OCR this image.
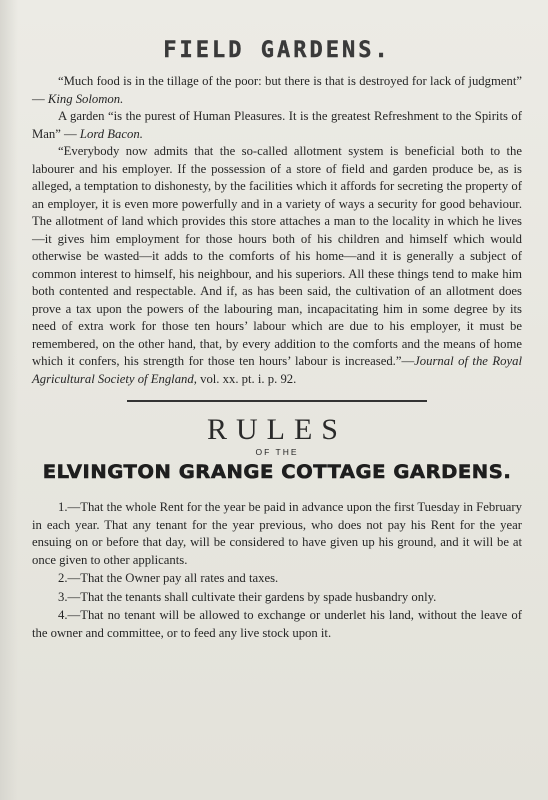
FIELD GARDENS.

“Much food is in the tillage of the poor: but there is that is destroyed for lack of judgment” — King Solomon.

A garden “is the purest of Human Pleasures. It is the greatest Refreshment to the Spirits of Man” — Lord Bacon.

“Everybody now admits that the so-called allotment system is beneficial both to the labourer and his employer. If the possession of a store of field and garden produce be, as is alleged, a temptation to dishonesty, by the facilities which it affords for secreting the property of an employer, it is even more powerfully and in a variety of ways a security for good behaviour. The allotment of land which provides this store attaches a man to the locality in which he lives—it gives him employment for those hours both of his children and himself which would otherwise be wasted—it adds to the comforts of his home—and it is generally a subject of common interest to himself, his neighbour, and his superiors. All these things tend to make him both contented and respectable. And if, as has been said, the cultivation of an allotment does prove a tax upon the powers of the labouring man, incapacitating him in some degree by its need of extra work for those ten hours’ labour which are due to his employer, it must be remembered, on the other hand, that, by every addition to the comforts and the means of home which it confers, his strength for those ten hours’ labour is increased.”—Journal of the Royal Agricultural Society of England, vol. xx. pt. i. p. 92.

RULES
OF THE
ELVINGTON GRANGE COTTAGE GARDENS.

1.—That the whole Rent for the year be paid in advance upon the first Tuesday in February in each year. That any tenant for the year previous, who does not pay his Rent for the year ensuing on or before that day, will be considered to have given up his ground, and it will be at once given to other applicants.

2.—That the Owner pay all rates and taxes.

3.—That the tenants shall cultivate their gardens by spade husbandry only.

4.—That no tenant will be allowed to exchange or underlet his land, without the leave of the owner and committee, or to feed any live stock upon it.
